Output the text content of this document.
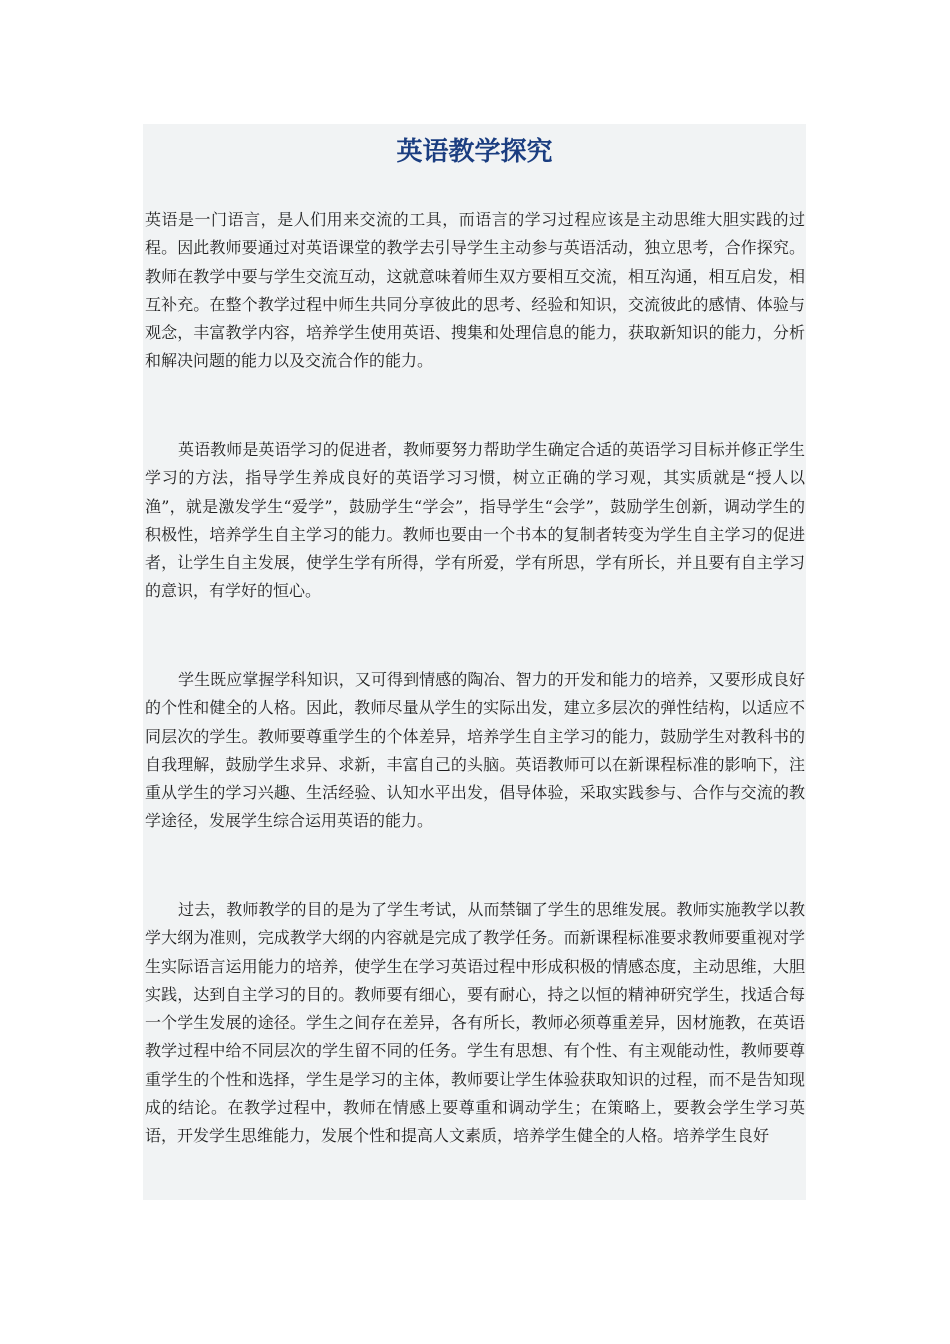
英语教学探究

英语是一门语言，是人们用来交流的工具，而语言的学习过程应该是主动思维大胆实践的过程。因此教师要通过对英语课堂的教学去引导学生主动参与英语活动，独立思考，合作探究。教师在教学中要与学生交流互动，这就意味着师生双方要相互交流，相互沟通，相互启发，相互补充。在整个教学过程中师生共同分享彼此的思考、经验和知识，交流彼此的感情、体验与观念，丰富教学内容，培养学生使用英语、搜集和处理信息的能力，获取新知识的能力，分析和解决问题的能力以及交流合作的能力。

英语教师是英语学习的促进者，教师要努力帮助学生确定合适的英语学习目标并修正学生学习的方法，指导学生养成良好的英语学习习惯，树立正确的学习观，其实质就是“授人以渔”，就是激发学生“爱学”，鼓励学生“学会”，指导学生“会学”，鼓励学生创新，调动学生的积极性，培养学生自主学习的能力。教师也要由一个书本的复制者转变为学生自主学习的促进者，让学生自主发展，使学生学有所得，学有所爱，学有所思，学有所长，并且要有自主学习的意识，有学好的恒心。

学生既应掌握学科知识，又可得到情感的陶冶、智力的开发和能力的培养，又要形成良好的个性和健全的人格。因此，教师尽量从学生的实际出发，建立多层次的弹性结构，以适应不同层次的学生。教师要尊重学生的个体差异，培养学生自主学习的能力，鼓励学生对教科书的自我理解，鼓励学生求异、求新，丰富自己的头脑。英语教师可以在新课程标准的影响下，注重从学生的学习兴趣、生活经验、认知水平出发，倡导体验，采取实践参与、合作与交流的教学途径，发展学生综合运用英语的能力。

过去，教师教学的目的是为了学生考试，从而禁锢了学生的思维发展。教师实施教学以教学大纲为准则，完成教学大纲的内容就是完成了教学任务。而新课程标准要求教师要重视对学生实际语言运用能力的培养，使学生在学习英语过程中形成积极的情感态度，主动思维，大胆实践，达到自主学习的目的。教师要有细心，要有耐心，持之以恒的精神研究学生，找适合每一个学生发展的途径。学生之间存在差异，各有所长，教师必须尊重差异，因材施教，在英语教学过程中给不同层次的学生留不同的任务。学生有思想、有个性、有主观能动性，教师要尊重学生的个性和选择，学生是学习的主体，教师要让学生体验获取知识的过程，而不是告知现成的结论。在教学过程中，教师在情感上要尊重和调动学生；在策略上，要教会学生学习英语，开发学生思维能力，发展个性和提高人文素质，培养学生健全的人格。培养学生良好
